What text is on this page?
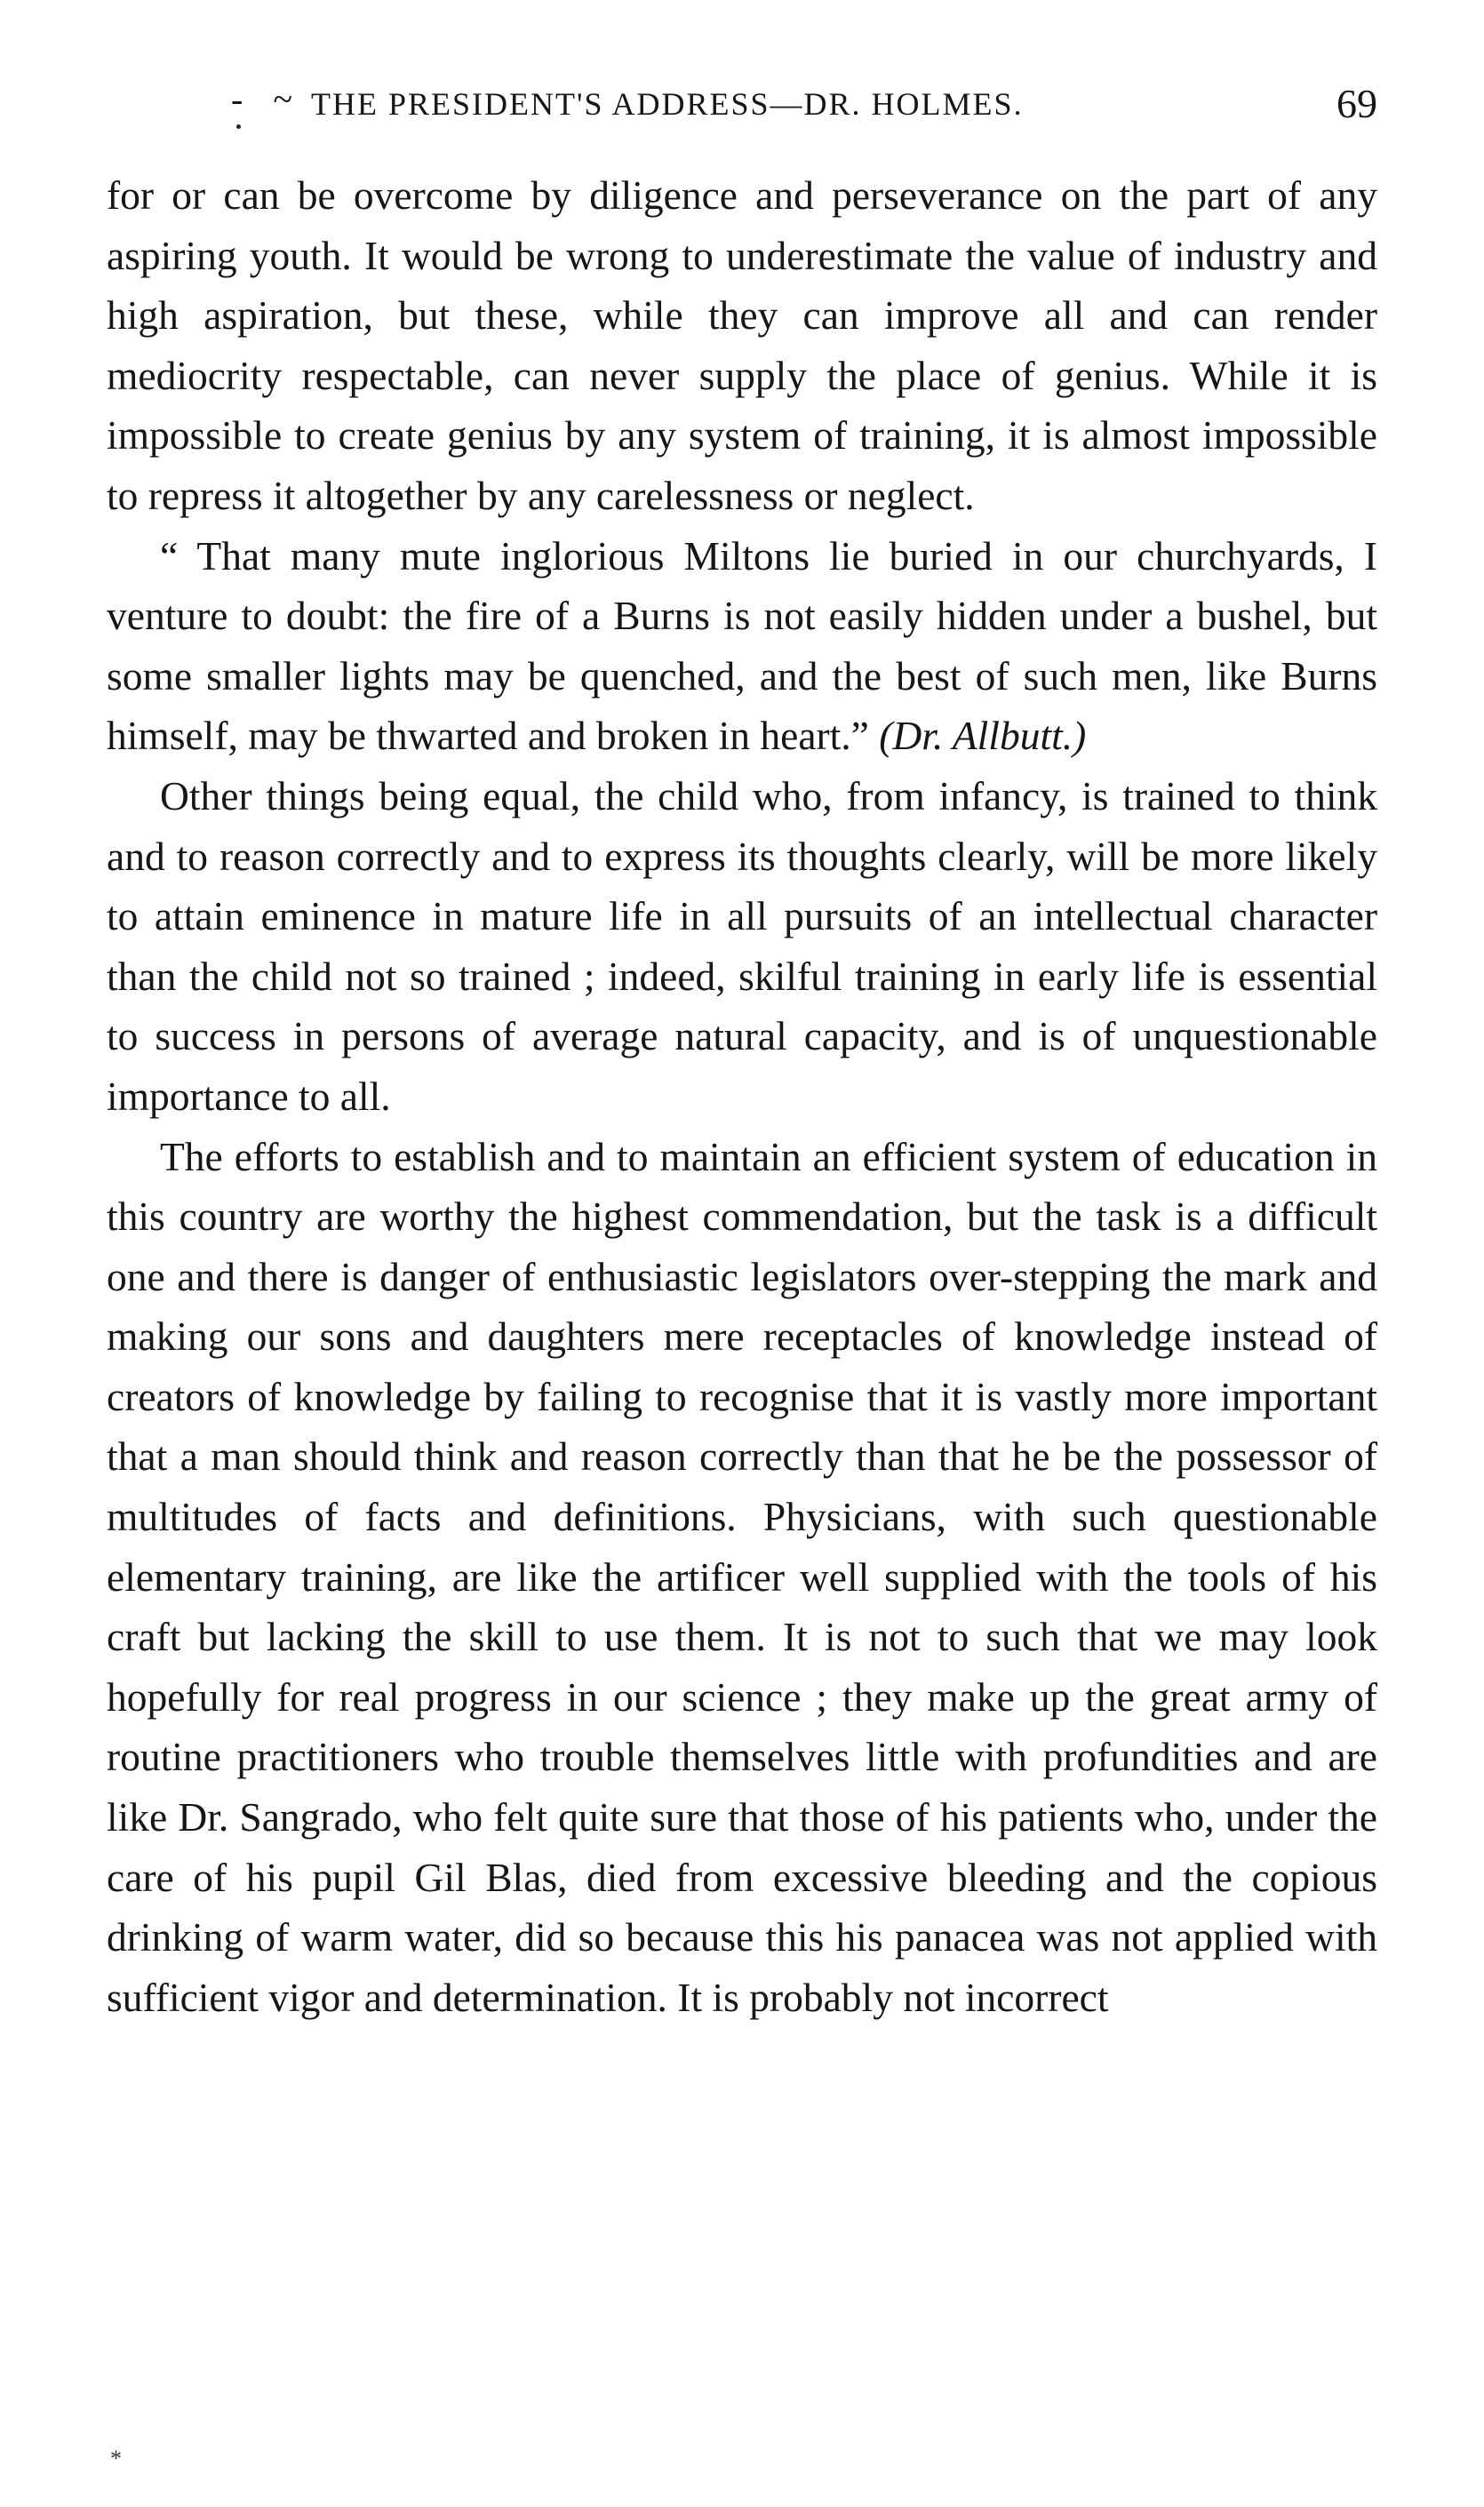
- ~ THE PRESIDENT'S ADDRESS—DR. HOLMES.	69

for or can be overcome by diligence and perseverance on the part of any aspiring youth. It would be wrong to underestimate the value of industry and high aspiration, but these, while they can improve all and can render mediocrity respectable, can never supply the place of genius. While it is impossible to create genius by any system of training, it is almost impossible to repress it altogether by any carelessness or neglect.

“ That many mute inglorious Miltons lie buried in our churchyards, I venture to doubt: the fire of a Burns is not easily hidden under a bushel, but some smaller lights may be quenched, and the best of such men, like Burns himself, may be thwarted and broken in heart.” (Dr. Allbutt.)

Other things being equal, the child who, from infancy, is trained to think and to reason correctly and to express its thoughts clearly, will be more likely to attain eminence in mature life in all pursuits of an intellectual character than the child not so trained ; indeed, skilful training in early life is essential to success in persons of average natural capacity, and is of unquestionable importance to all.

The efforts to establish and to maintain an efficient system of education in this country are worthy the highest commendation, but the task is a difficult one and there is danger of enthusiastic legislators over-stepping the mark and making our sons and daughters mere receptacles of knowledge instead of creators of knowledge by failing to recognise that it is vastly more important that a man should think and reason correctly than that he be the possessor of multitudes of facts and definitions. Physicians, with such questionable elementary training, are like the artificer well supplied with the tools of his craft but lacking the skill to use them. It is not to such that we may look hopefully for real progress in our science ; they make up the great army of routine practitioners who trouble themselves little with profundities and are like Dr. Sangrado, who felt quite sure that those of his patients who, under the care of his pupil Gil Blas, died from excessive bleeding and the copious drinking of warm water, did so because this his panacea was not applied with sufficient vigor and determination. It is probably not incorrect

*
